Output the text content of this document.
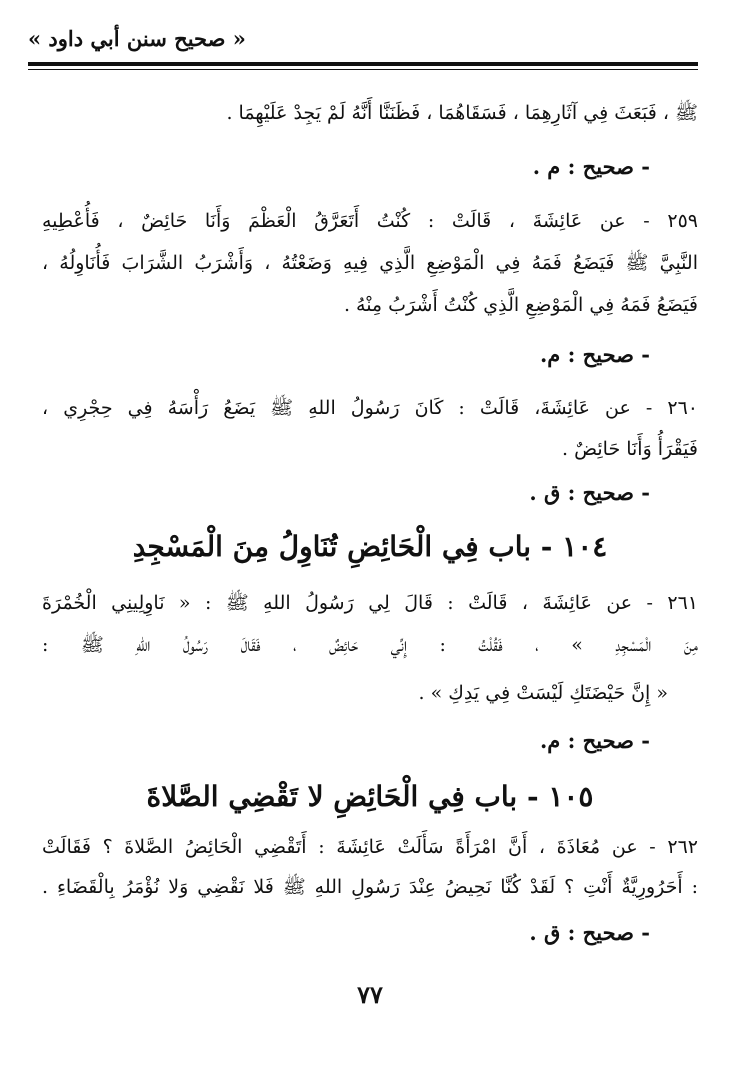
« صحيح سنن أبي داود »
ﷺ ، فَبَعَثَ فِي آثَارِهِمَا ، فَسَقَاهُمَا ، فَظَنَنَّا أَنَّهُ لَمْ يَجِدْ عَلَيْهِمَا .
- صحيح : م .
٢٥٩ - عن عَائِشَةَ ، قَالَتْ : كُنْتُ أَتَعَرَّقُ الْعَظْمَ وَأَنَا حَائِضٌ ، فَأُعْطِيهِ
النَّبِيَّ ﷺ فَيَضَعُ فَمَهُ فِي الْمَوْضِعِ الَّذِي فِيهِ وَضَعْتُهُ ، وَأَشْرَبُ الشَّرَابَ فَأُنَاوِلُهُ ،
فَيَضَعُ فَمَهُ فِي الْمَوْضِعِ الَّذِي كُنْتُ أَشْرَبُ مِنْهُ .
- صحيح : م.
٢٦٠ - عن عَائِشَةَ، قَالَتْ : كَانَ رَسُولُ اللهِ ﷺ يَضَعُ رَأْسَهُ فِي حِجْرِي ،
فَيَقْرَأُ وَأَنَا حَائِضٌ .
- صحيح : ق .
١٠٤ - باب فِي الْحَائِضِ تُنَاوِلُ مِنَ الْمَسْجِدِ
٢٦١ - عن عَائِشَةَ ، قَالَتْ : قَالَ لِي رَسُولُ اللهِ ﷺ : « نَاوِلِينِي الْخُمْرَةَ
مِنَ الْمَسْجِدِ » ، فَقُلْتُ : إِنِّي حَائِضٌ ، فَقَالَ رَسُولُ اللهِ ﷺ :
« إِنَّ حَيْضَتَكِ لَيْسَتْ فِي يَدِكِ » .
- صحيح : م.
١٠٥ - باب فِي الْحَائِضِ لا تَقْضِي الصَّلاةَ
٢٦٢ - عن مُعَاذَةَ ، أَنَّ امْرَأَةً سَأَلَتْ عَائِشَةَ : أَتَقْضِي الْحَائِضُ الصَّلاةَ ؟ فَقَالَتْ
: أَحَرُورِيَّةٌ أَنْتِ ؟ لَقَدْ كُنَّا نَحِيضُ عِنْدَ رَسُولِ اللهِ ﷺ فَلا نَقْضِي وَلا نُؤْمَرُ بِالْقَضَاءِ .
- صحيح : ق .
٧٧
